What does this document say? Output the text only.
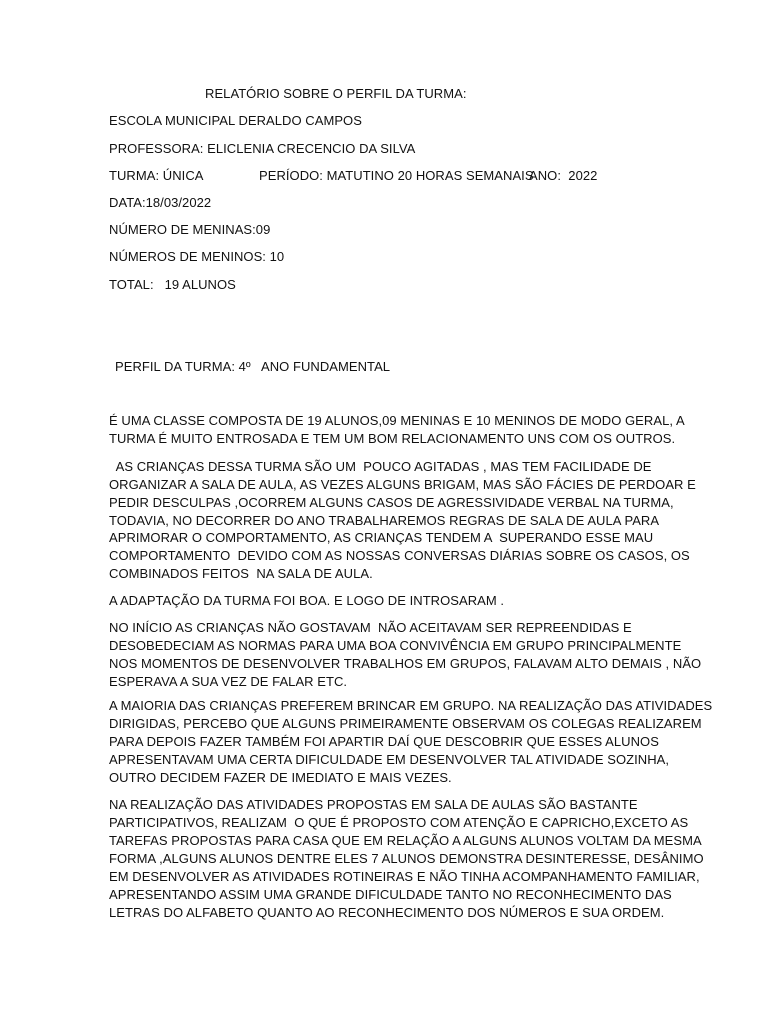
RELATÓRIO SOBRE O PERFIL DA TURMA:
ESCOLA MUNICIPAL DERALDO CAMPOS
PROFESSORA: ELICLENIA CRECENCIO DA SILVA
TURMA: ÚNICA	PERÍODO: MATUTINO 20 HORAS SEMANAIS
ANO:  2022
DATA:18/03/2022
NÚMERO DE MENINAS:09
NÚMEROS DE MENINOS: 10
TOTAL:   19 ALUNOS
PERFIL DA TURMA: 4º   ANO FUNDAMENTAL
É UMA CLASSE COMPOSTA DE 19 ALUNOS,09 MENINAS E 10 MENINOS DE MODO GERAL, A
TURMA É MUITO ENTROSADA E TEM UM BOM RELACIONAMENTO UNS COM OS OUTROS.
AS CRIANÇAS DESSA TURMA SÃO UM  POUCO AGITADAS , MAS TEM FACILIDADE DE
ORGANIZAR A SALA DE AULA, AS VEZES ALGUNS BRIGAM, MAS SÃO FÁCIES DE PERDOAR E
PEDIR DESCULPAS ,OCORREM ALGUNS CASOS DE AGRESSIVIDADE VERBAL NA TURMA,
TODAVIA, NO DECORRER DO ANO TRABALHAREMOS REGRAS DE SALA DE AULA PARA
APRIMORAR O COMPORTAMENTO, AS CRIANÇAS TENDEM A  SUPERANDO ESSE MAU
COMPORTAMENTO  DEVIDO COM AS NOSSAS CONVERSAS DIÁRIAS SOBRE OS CASOS, OS
COMBINADOS FEITOS  NA SALA DE AULA.
A ADAPTAÇÃO DA TURMA FOI BOA. E LOGO DE INTROSARAM .
NO INÍCIO AS CRIANÇAS NÃO GOSTAVAM  NÃO ACEITAVAM SER REPREENDIDAS E
DESOBEDECIAM AS NORMAS PARA UMA BOA CONVIVÊNCIA EM GRUPO PRINCIPALMENTE
NOS MOMENTOS DE DESENVOLVER TRABALHOS EM GRUPOS, FALAVAM ALTO DEMAIS , NÃO
ESPERAVA A SUA VEZ DE FALAR ETC.
A MAIORIA DAS CRIANÇAS PREFEREM BRINCAR EM GRUPO. NA REALIZAÇÃO DAS ATIVIDADES
DIRIGIDAS, PERCEBO QUE ALGUNS PRIMEIRAMENTE OBSERVAM OS COLEGAS REALIZAREM
PARA DEPOIS FAZER TAMBÉM FOI APARTIR DAÍ QUE DESCOBRIR QUE ESSES ALUNOS
APRESENTAVAM UMA CERTA DIFICULDADE EM DESENVOLVER TAL ATIVIDADE SOZINHA,
OUTRO DECIDEM FAZER DE IMEDIATO E MAIS VEZES.
NA REALIZAÇÃO DAS ATIVIDADES PROPOSTAS EM SALA DE AULAS SÃO BASTANTE
PARTICIPATIVOS, REALIZAM  O QUE É PROPOSTO COM ATENÇÃO E CAPRICHO,EXCETO AS
TAREFAS PROPOSTAS PARA CASA QUE EM RELAÇÃO A ALGUNS ALUNOS VOLTAM DA MESMA
FORMA ,ALGUNS ALUNOS DENTRE ELES 7 ALUNOS DEMONSTRA DESINTERESSE, DESÂNIMO
EM DESENVOLVER AS ATIVIDADES ROTINEIRAS E NÃO TINHA ACOMPANHAMENTO FAMILIAR,
APRESENTANDO ASSIM UMA GRANDE DIFICULDADE TANTO NO RECONHECIMENTO DAS
LETRAS DO ALFABETO QUANTO AO RECONHECIMENTO DOS NÚMEROS E SUA ORDEM.
